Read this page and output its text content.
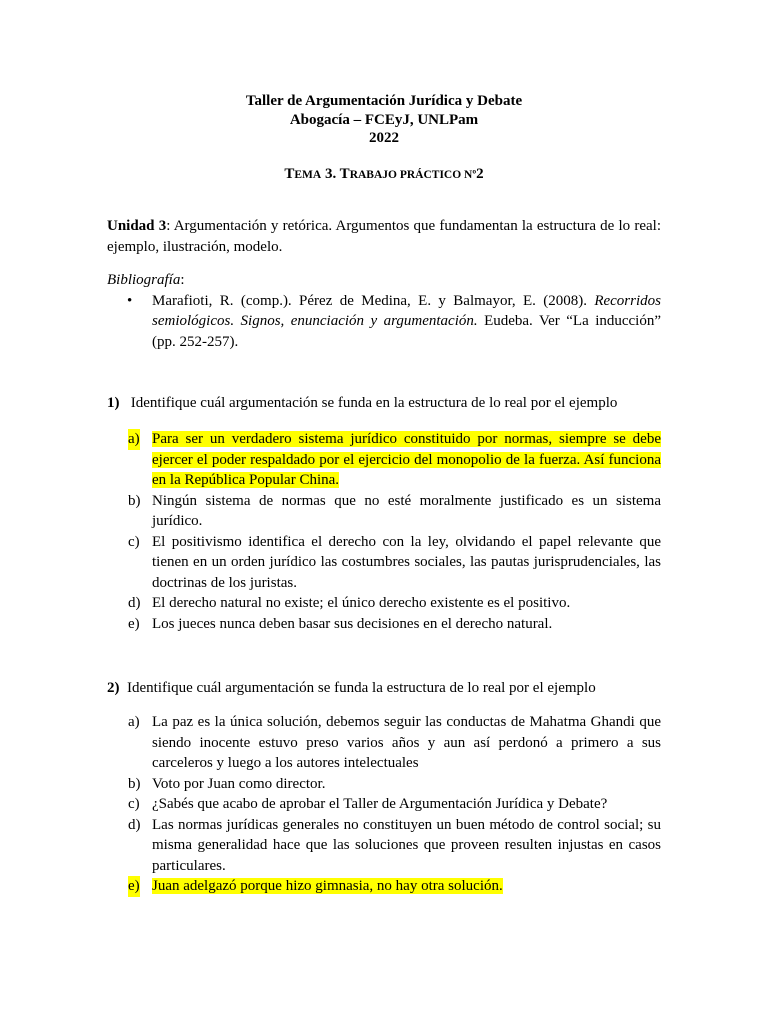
Taller de Argumentación Jurídica y Debate
Abogacía – FCEyJ, UNLPam
2022
TEMA 3. TRABAJO PRÁCTICO Nº2
Unidad 3: Argumentación y retórica. Argumentos que fundamentan la estructura de lo real: ejemplo, ilustración, modelo.
Bibliografía:
• Marafioti, R. (comp.). Pérez de Medina, E. y Balmayor, E. (2008). Recorridos semiológicos. Signos, enunciación y argumentación. Eudeba. Ver “La inducción” (pp. 252-257).
1) Identifique cuál argumentación se funda en la estructura de lo real por el ejemplo
a) Para ser un verdadero sistema jurídico constituido por normas, siempre se debe ejercer el poder respaldado por el ejercicio del monopolio de la fuerza. Así funciona en la República Popular China.
b) Ningún sistema de normas que no esté moralmente justificado es un sistema jurídico.
c) El positivismo identifica el derecho con la ley, olvidando el papel relevante que tienen en un orden jurídico las costumbres sociales, las pautas jurisprudenciales, las doctrinas de los juristas.
d) El derecho natural no existe; el único derecho existente es el positivo.
e) Los jueces nunca deben basar sus decisiones en el derecho natural.
2) Identifique cuál argumentación se funda la estructura de lo real por el ejemplo
a) La paz es la única solución, debemos seguir las conductas de Mahatma Ghandi que siendo inocente estuvo preso varios años y aun así perdonó a primero a sus carceleros y luego a los autores intelectuales
b) Voto por Juan como director.
c) ¿Sabés que acabo de aprobar el Taller de Argumentación Jurídica y Debate?
d) Las normas jurídicas generales no constituyen un buen método de control social; su misma generalidad hace que las soluciones que proveen resulten injustas en casos particulares.
e) Juan adelgazó porque hizo gimnasia, no hay otra solución.
